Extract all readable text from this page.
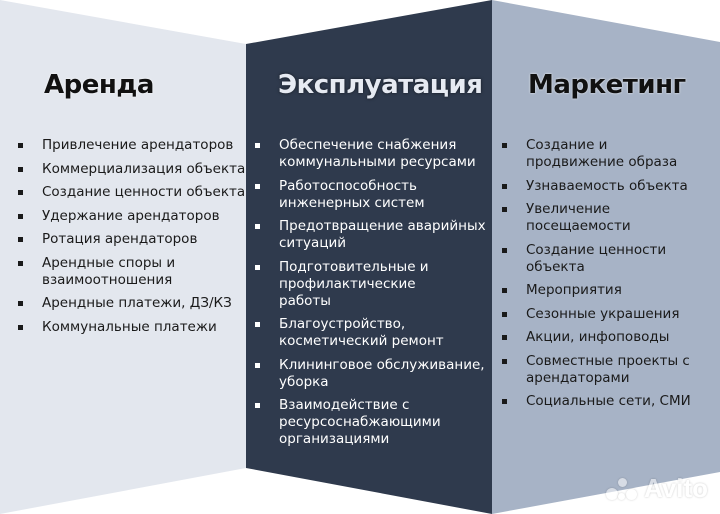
Аренда
Привлечение арендаторов
Коммерциализация объекта
Создание ценности объекта
Удержание арендаторов
Ротация арендаторов
Арендные споры и взаимоотношения
Арендные платежи, ДЗ/КЗ
Коммунальные платежи
Эксплуатация
Обеспечение снабжения коммунальными ресурсами
Работоспособность инженерных систем
Предотвращение аварийных ситуаций
Подготовительные и профилактические работы
Благоустройство, косметический ремонт
Клининговое обслуживание, уборка
Взаимодействие с ресурсоснабжающими организациями
Маркетинг
Создание и продвижение образа
Узнаваемость объекта
Увеличение посещаемости
Создание ценности объекта
Мероприятия
Сезонные украшения
Акции, инфоповоды
Совместные проекты с арендаторами
Социальные сети, СМИ
Avito
